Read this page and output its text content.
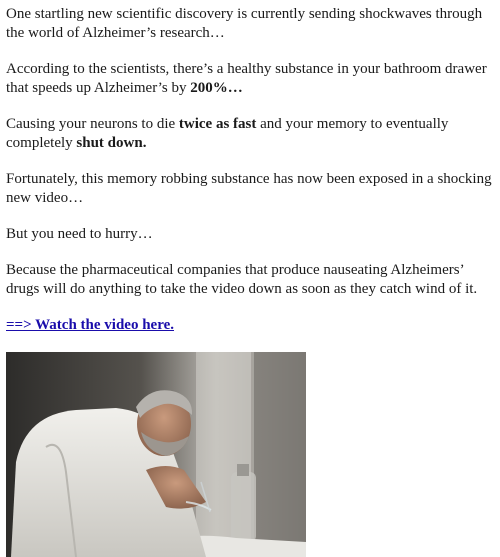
One startling new scientific discovery is currently sending shockwaves through the world of Alzheimer’s research…

According to the scientists, there’s a healthy substance in your bathroom drawer that speeds up Alzheimer’s by 200%…

Causing your neurons to die twice as fast and your memory to eventually completely shut down.

Fortunately, this memory robbing substance has now been exposed in a shocking new video…

But you need to hurry…

Because the pharmaceutical companies that produce nauseating Alzheimers’ drugs will do anything to take the video down as soon as they catch wind of it.

==> Watch the video here.
